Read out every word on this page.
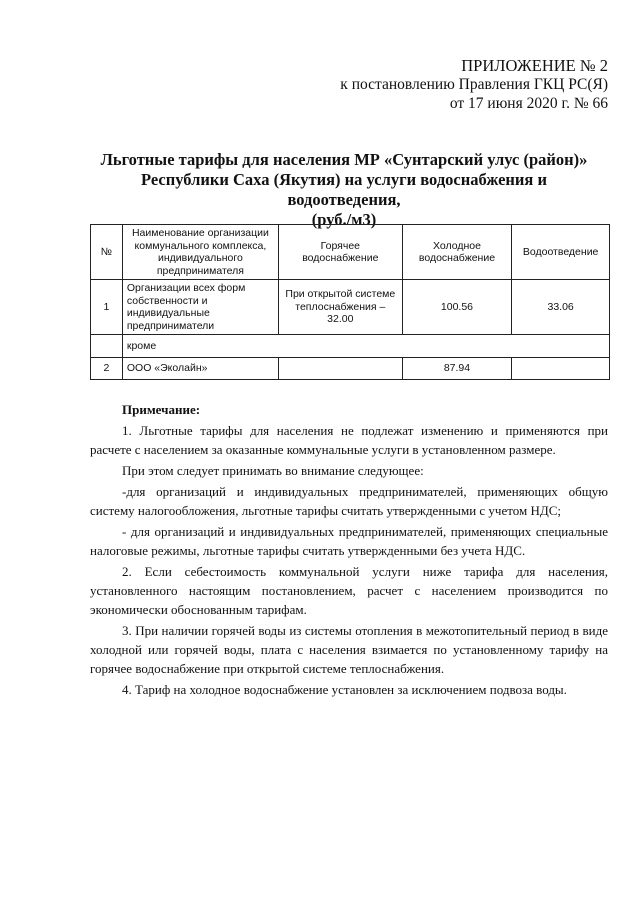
ПРИЛОЖЕНИЕ № 2
к постановлению Правления ГКЦ РС(Я)
от 17 июня 2020 г. № 66
Льготные тарифы для населения МР «Сунтарский улус (район)»
Республики Саха (Якутия) на услуги водоснабжения и водоотведения,
(руб./м3)
№	Наименование организации коммунального комплекса, индивидуального предпринимателя	Горячее водоснабжение	Холодное водоснабжение	Водоотведение
1	Организации всех форм собственности и индивидуальные предприниматели	При открытой системе теплоснабжения – 32.00	100.56	33.06
	кроме			
2	ООО «Эколайн»		87.94	
Примечание:

1. Льготные тарифы для населения не подлежат изменению и применяются при расчете с населением за оказанные коммунальные услуги в установленном размере.

При этом следует принимать во внимание следующее:

-для организаций и индивидуальных предпринимателей, применяющих общую систему налогообложения, льготные тарифы считать утвержденными с учетом НДС;

- для организаций и индивидуальных предпринимателей, применяющих специальные налоговые режимы, льготные тарифы считать утвержденными без учета НДС.

2. Если себестоимость коммунальной услуги ниже тарифа для населения, установленного настоящим постановлением, расчет с населением производится по экономически обоснованным тарифам.

3. При наличии горячей воды из системы отопления в межотопительный период в виде холодной или горячей воды, плата с населения взимается по установленному тарифу на горячее водоснабжение при открытой системе теплоснабжения.

4. Тариф на холодное водоснабжение установлен за исключением подвоза воды.
